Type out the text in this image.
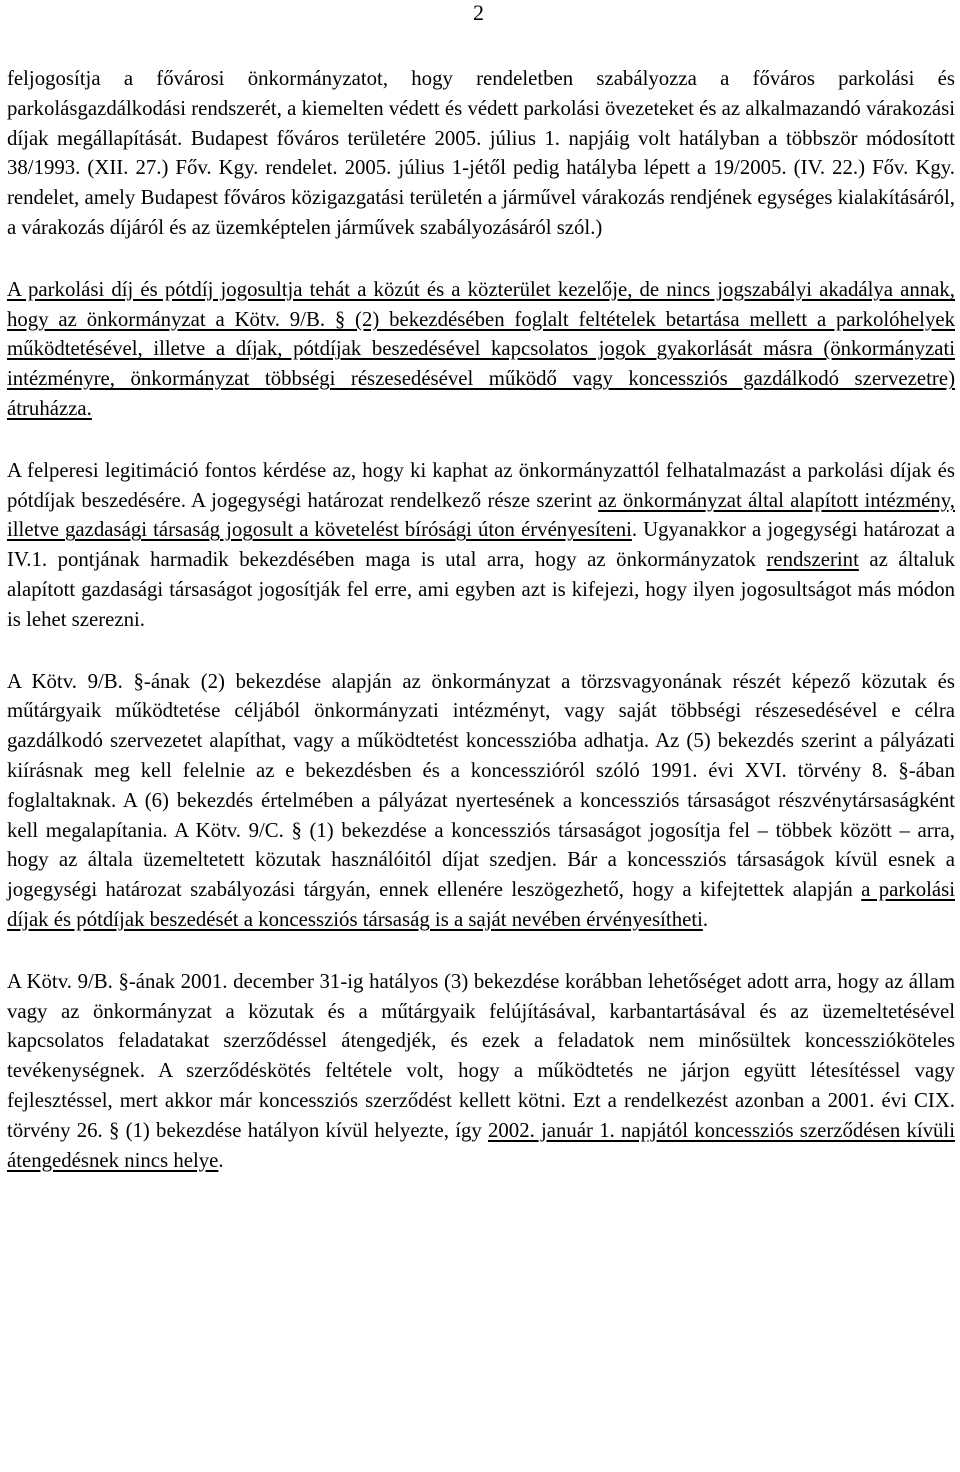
2

feljogosítja a fővárosi önkormányzatot, hogy rendeletben szabályozza a főváros parkolási és parkolásgazdálkodási rendszerét, a kiemelten védett és védett parkolási övezeteket és az alkalmazandó várakozási díjak megállapítását. Budapest főváros területére 2005. július 1. napjáig volt hatályban a többször módosított 38/1993. (XII. 27.) Főv. Kgy. rendelet. 2005. július 1-jétől pedig hatályba lépett a 19/2005. (IV. 22.) Főv. Kgy. rendelet, amely Budapest főváros közigazgatási területén a járművel várakozás rendjének egységes kialakításáról, a várakozás díjáról és az üzemképtelen járművek szabályozásáról szól.)

A parkolási díj és pótdíj jogosultja tehát a közút és a közterület kezelője, de nincs jogszabályi akadálya annak, hogy az önkormányzat a Kötv. 9/B. § (2) bekezdésében foglalt feltételek betartása mellett a parkolóhelyek működtetésével, illetve a díjak, pótdíjak beszedésével kapcsolatos jogok gyakorlását másra (önkormányzati intézményre, önkormányzat többségi részesedésével működő vagy koncessziós gazdálkodó szervezetre) átruházza.

A felperesi legitimáció fontos kérdése az, hogy ki kaphat az önkormányzattól felhatalmazást a parkolási díjak és pótdíjak beszedésére. A jogegységi határozat rendelkező része szerint az önkormányzat által alapított intézmény, illetve gazdasági társaság jogosult a követelést bírósági úton érvényesíteni. Ugyanakkor a jogegységi határozat a IV.1. pontjának harmadik bekezdésében maga is utal arra, hogy az önkormányzatok rendszerint az általuk alapított gazdasági társaságot jogosítják fel erre, ami egyben azt is kifejezi, hogy ilyen jogosultságot más módon is lehet szerezni.

A Kötv. 9/B. §-ának (2) bekezdése alapján az önkormányzat a törzsvagyonának részét képező közutak és műtárgyaik működtetése céljából önkormányzati intézményt, vagy saját többségi részesedésével e célra gazdálkodó szervezetet alapíthat, vagy a működtetést koncesszióba adhatja. Az (5) bekezdés szerint a pályázati kiírásnak meg kell felelnie az e bekezdésben és a koncesszióról szóló 1991. évi XVI. törvény 8. §-ában foglaltaknak. A (6) bekezdés értelmében a pályázat nyertesének a koncessziós társaságot részvénytársaságként kell megalapítania. A Kötv. 9/C. § (1) bekezdése a koncessziós társaságot jogosítja fel – többek között – arra, hogy az általa üzemeltetett közutak használóitól díjat szedjen. Bár a koncessziós társaságok kívül esnek a jogegységi határozat szabályozási tárgyán, ennek ellenére leszögezhető, hogy a kifejtettek alapján a parkolási díjak és pótdíjak beszedését a koncessziós társaság is a saját nevében érvényesítheti.

A Kötv. 9/B. §-ának 2001. december 31-ig hatályos (3) bekezdése korábban lehetőséget adott arra, hogy az állam vagy az önkormányzat a közutak és a műtárgyaik felújításával, karbantartásával és az üzemeltetésével kapcsolatos feladatakat szerződéssel átengedjék, és ezek a feladatok nem minősültek koncesszióköteles tevékenységnek. A szerződéskötés feltétele volt, hogy a működtetés ne járjon együtt létesítéssel vagy fejlesztéssel, mert akkor már koncessziós szerződést kellett kötni. Ezt a rendelkezést azonban a 2001. évi CIX. törvény 26. § (1) bekezdése hatályon kívül helyezte, így 2002. január 1. napjától koncessziós szerződésen kívüli átengedésnek nincs helye.
